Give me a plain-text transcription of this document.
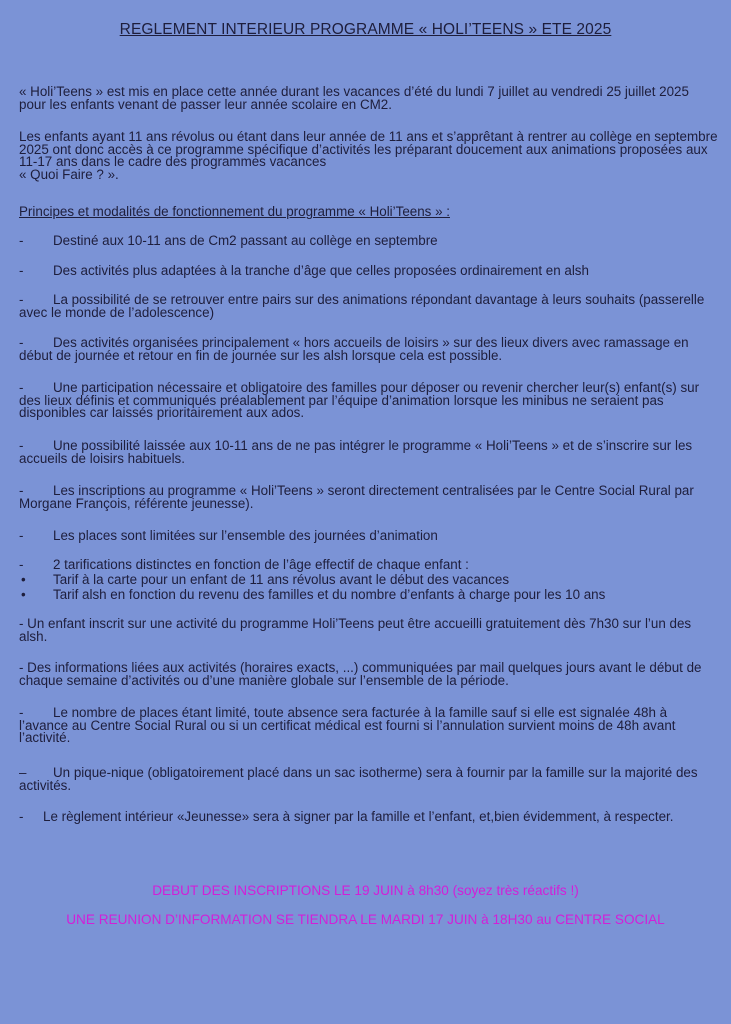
REGLEMENT INTERIEUR PROGRAMME « HOLI’TEENS » ETE 2025

« Holi’Teens » est mis en place cette année durant les vacances d’été du lundi 7 juillet au vendredi 25 juillet 2025 pour les enfants venant de passer leur année scolaire en CM2.

Les enfants ayant 11 ans révolus ou étant dans leur année de 11 ans et s’apprêtant à rentrer au collège en septembre 2025 ont donc accès à ce programme spécifique d’activités les préparant doucement aux animations proposées aux 11-17 ans dans le cadre des programmes vacances
« Quoi Faire ? ».

Principes et modalités de fonctionnement du programme « Holi’Teens » :

- Destiné aux 10-11 ans de Cm2 passant au collège en septembre
- Des activités plus adaptées à la tranche d’âge que celles proposées ordinairement en alsh
- La possibilité de se retrouver entre pairs sur des animations répondant davantage à leurs souhaits (passerelle avec le monde de l’adolescence)
- Des activités organisées principalement « hors accueils de loisirs » sur des lieux divers avec ramassage en début de journée et retour en fin de journée sur les alsh lorsque cela est possible.
- Une participation nécessaire et obligatoire des familles pour déposer ou revenir chercher leur(s) enfant(s) sur des lieux définis et communiqués préalablement par l’équipe d’animation lorsque les minibus ne seraient pas disponibles car laissés prioritairement aux ados.
- Une possibilité laissée aux 10-11 ans de ne pas intégrer le programme « Holi’Teens » et de s’inscrire sur les accueils de loisirs habituels.
- Les inscriptions au programme « Holi’Teens » seront directement centralisées par le Centre Social Rural par Morgane François, référente jeunesse).
- Les places sont limitées sur l’ensemble des journées d’animation
- 2 tarifications distinctes en fonction de l’âge effectif de chaque enfant :
• Tarif à la carte pour un enfant de 11 ans révolus avant le début des vacances
• Tarif alsh en fonction du revenu des familles et du nombre d’enfants à charge pour les 10 ans

- Un enfant inscrit sur une activité du programme Holi’Teens peut être accueilli gratuitement dès 7h30 sur l’un des alsh.

- Des informations liées aux activités (horaires exacts, ...) communiquées par mail quelques jours avant le début de chaque semaine d’activités ou d’une manière globale sur l’ensemble de la période.

- Le nombre de places étant limité, toute absence sera facturée à la famille sauf si elle est signalée 48h à l’avance au Centre Social Rural ou si un certificat médical est fourni si l’annulation survient moins de 48h avant l’activité.
– Un pique-nique (obligatoirement placé dans un sac isotherme) sera à fournir par la famille sur la majorité des activités.
- Le règlement intérieur «Jeunesse» sera à signer par la famille et l’enfant, et,bien évidemment, à respecter.
DEBUT DES INSCRIPTIONS LE 19 JUIN à 8h30 (soyez très réactifs !)
UNE REUNION D’INFORMATION SE TIENDRA LE MARDI 17 JUIN à 18H30 au CENTRE SOCIAL
